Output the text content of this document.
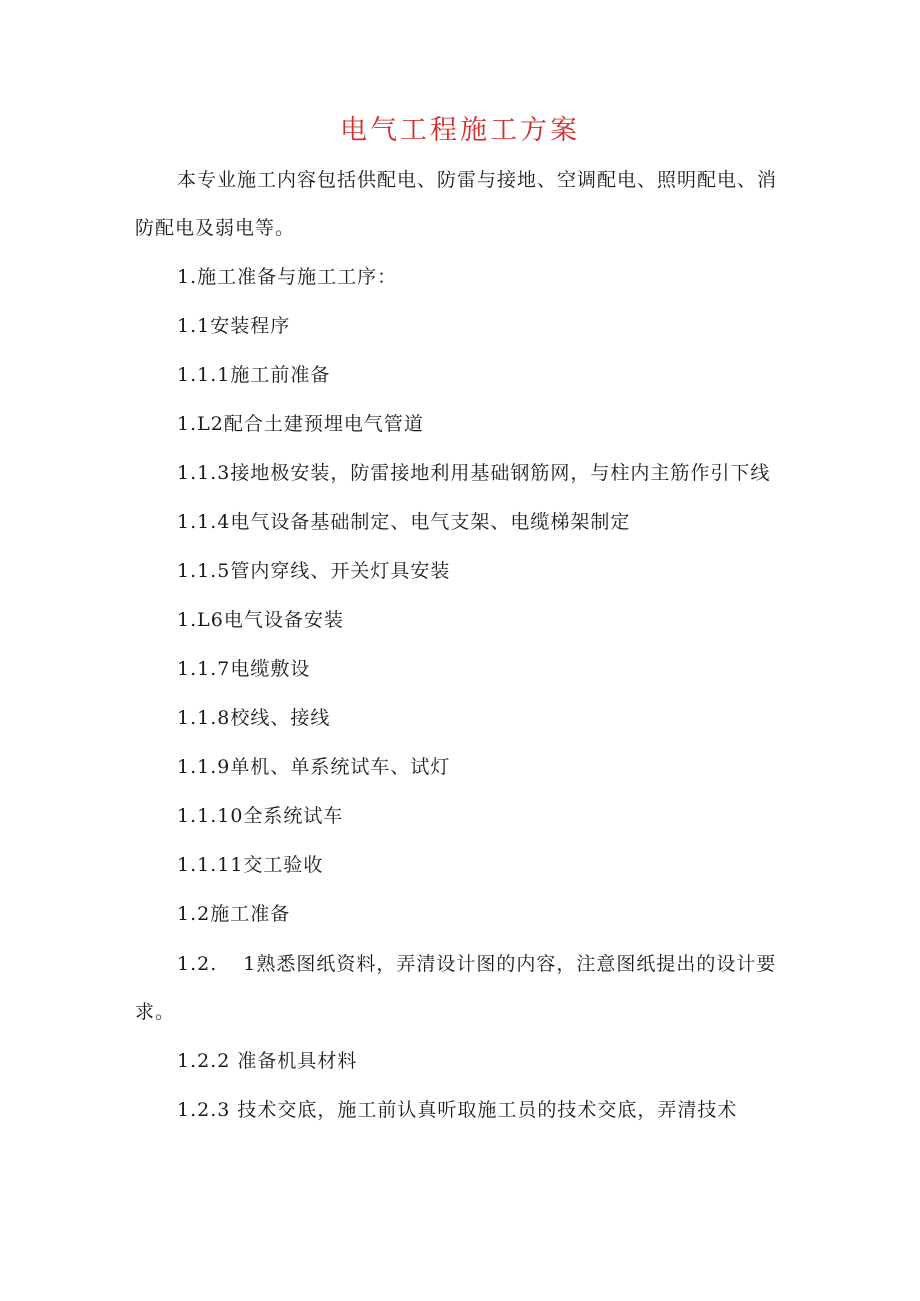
电气工程施工方案
本专业施工内容包括供配电、防雷与接地、空调配电、照明配电、消
防配电及弱电等。
1.施工准备与施工工序：
1.1安装程序
1.1.1施工前准备
1.L2配合土建预埋电气管道
1.1.3接地极安装，防雷接地利用基础钢筋网，与柱内主筋作引下线
1.1.4电气设备基础制定、电气支架、电缆梯架制定
1.1.5管内穿线、开关灯具安装
1.L6电气设备安装
1.1.7电缆敷设
1.1.8校线、接线
1.1.9单机、单系统试车、试灯
1.1.10全系统试车
1.1.11交工验收
1.2施工准备
1.2. 1熟悉图纸资料，弄清设计图的内容，注意图纸提出的设计要
求。
1.2.2 准备机具材料
1.2.3 技术交底，施工前认真听取施工员的技术交底，弄清技术
